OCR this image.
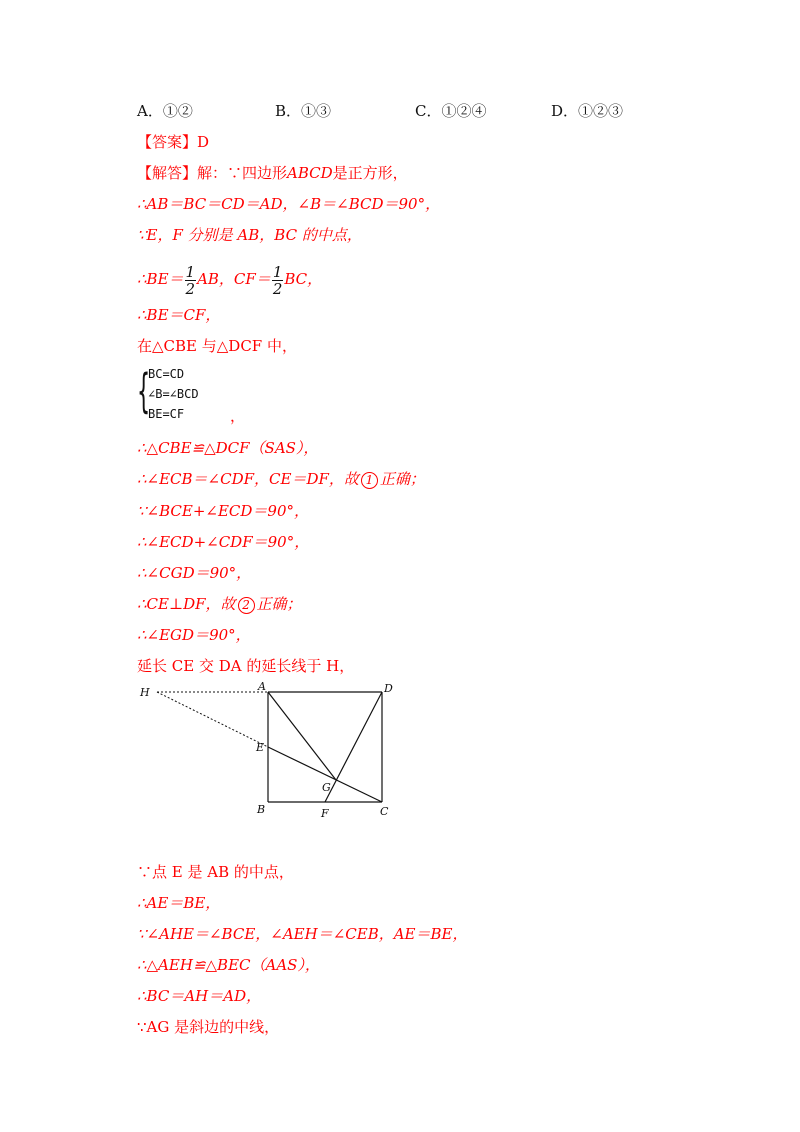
A．①②	B．①③	C．①②④	D．①②③
【答案】D
【解答】解：∵四边形ABCD是正方形，
∴AB＝BC＝CD＝AD，∠B＝∠BCD＝90°，
∵E，F 分别是 AB，BC 的中点，
∴BE＝ $\frac{1}{2}$ AB，$CF= \frac{1}{2}$ BC，
∴BE＝CF，
在△CBE 与△DCF 中，
{
BC=CD
∠B=∠BCD
BE=CF	，
∴△CBE≌△DCF（SAS），
∴∠ECB＝∠CDF，CE＝DF，故 1 正确；
∵∠BCE+∠ECD＝90°，
∴∠ECD+∠CDF＝90°，
∴∠CGD＝90°，
∴CE⊥DF，故 2 正确；
∴∠EGD＝90°，
延长 CE 交 DA 的延长线于 H，
H	A	D
E
G
B	F	C
∵点 E 是 AB 的中点，
∴AE＝BE，
∵∠AHE＝∠BCE，∠AEH＝∠CEB，AE＝BE，
∴△AEH≌△BEC（AAS），
∴BC＝AH＝AD，
∵AG 是斜边的中线，
